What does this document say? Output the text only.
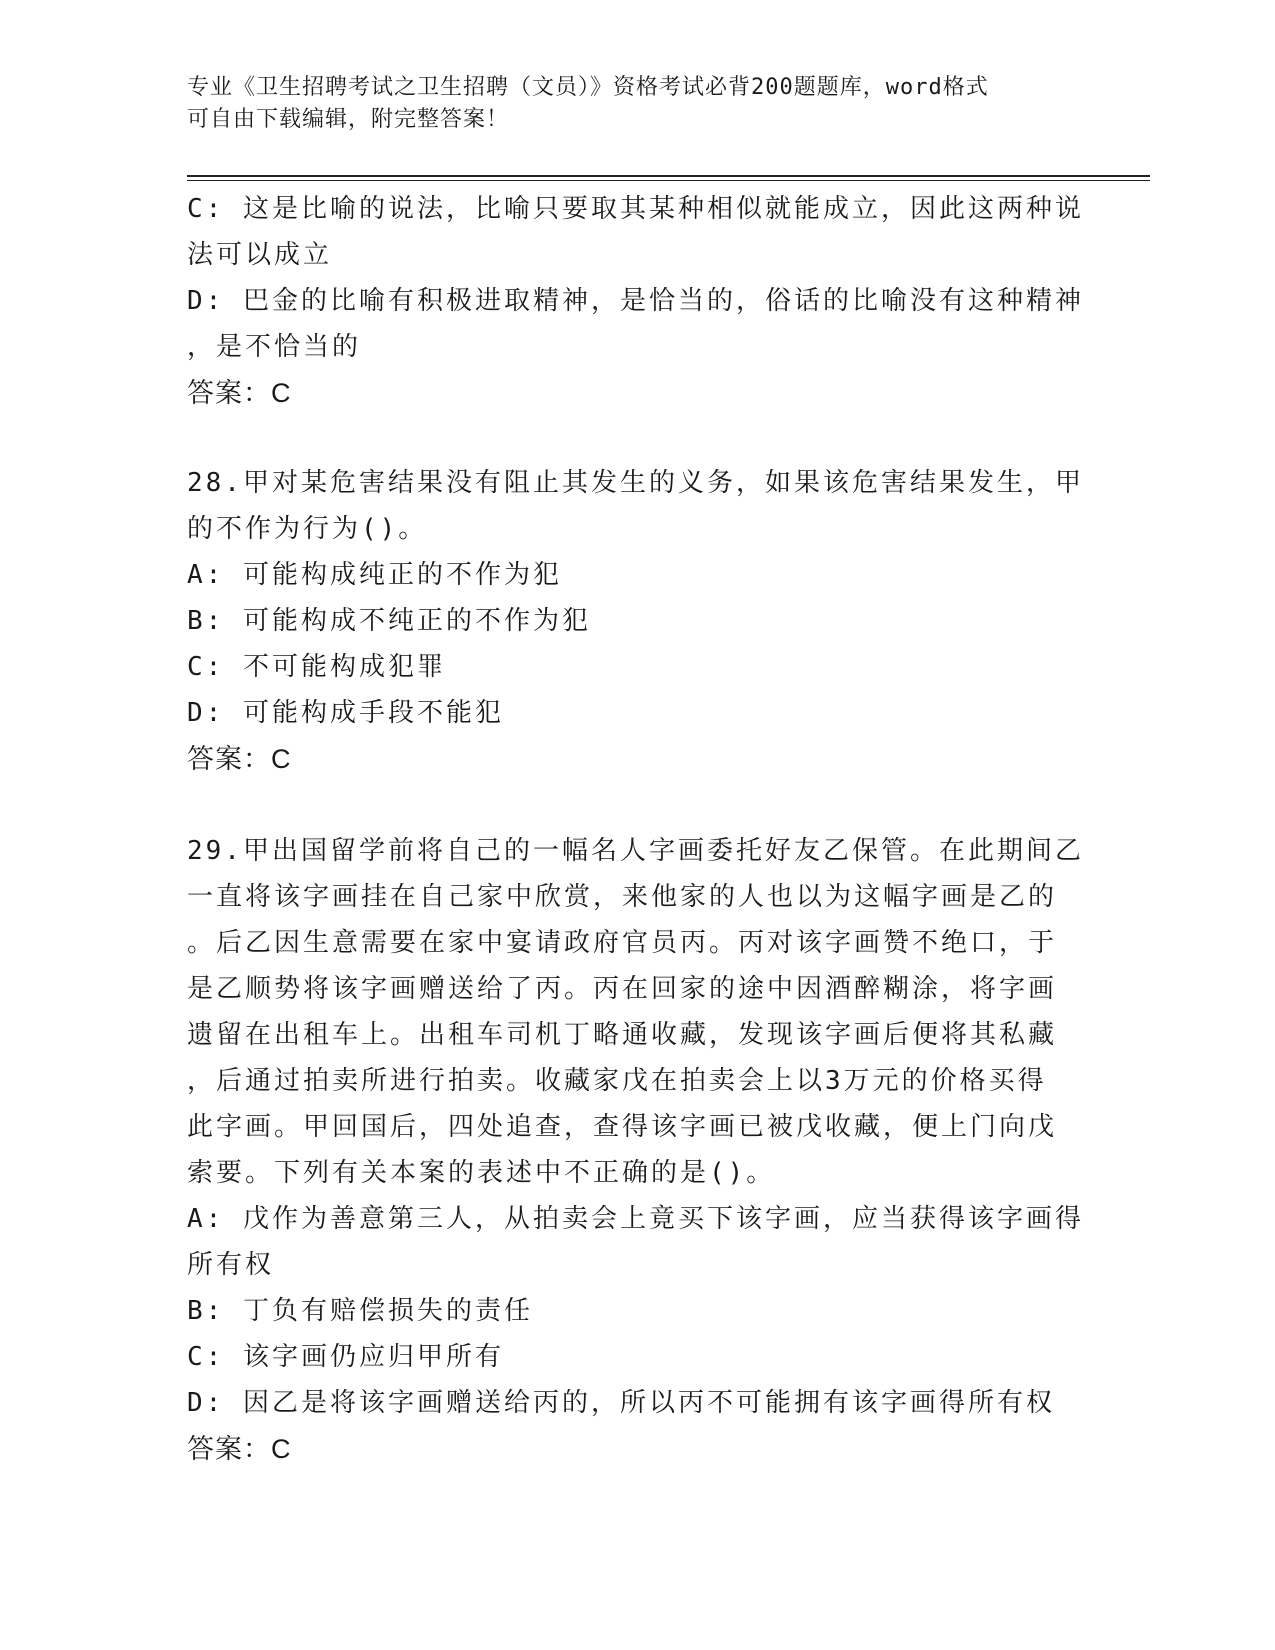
专业《卫生招聘考试之卫生招聘（文员）》资格考试必背200题题库，word格式
可自由下载编辑，附完整答案！
C: 这是比喻的说法，比喻只要取其某种相似就能成立，因此这两种说
法可以成立
D: 巴金的比喻有积极进取精神，是恰当的，俗话的比喻没有这种精神
，是不恰当的
答案：C
28.甲对某危害结果没有阻止其发生的义务，如果该危害结果发生，甲
的不作为行为()。
A: 可能构成纯正的不作为犯
B: 可能构成不纯正的不作为犯
C: 不可能构成犯罪
D: 可能构成手段不能犯
答案：C
29.甲出国留学前将自己的一幅名人字画委托好友乙保管。在此期间乙
一直将该字画挂在自己家中欣赏，来他家的人也以为这幅字画是乙的
。后乙因生意需要在家中宴请政府官员丙。丙对该字画赞不绝口，于
是乙顺势将该字画赠送给了丙。丙在回家的途中因酒醉糊涂，将字画
遗留在出租车上。出租车司机丁略通收藏，发现该字画后便将其私藏
，后通过拍卖所进行拍卖。收藏家戊在拍卖会上以3万元的价格买得
此字画。甲回国后，四处追查，查得该字画已被戊收藏，便上门向戊
索要。下列有关本案的表述中不正确的是()。
A: 戊作为善意第三人，从拍卖会上竟买下该字画，应当获得该字画得
所有权
B: 丁负有赔偿损失的责任
C: 该字画仍应归甲所有
D: 因乙是将该字画赠送给丙的，所以丙不可能拥有该字画得所有权
答案：C
